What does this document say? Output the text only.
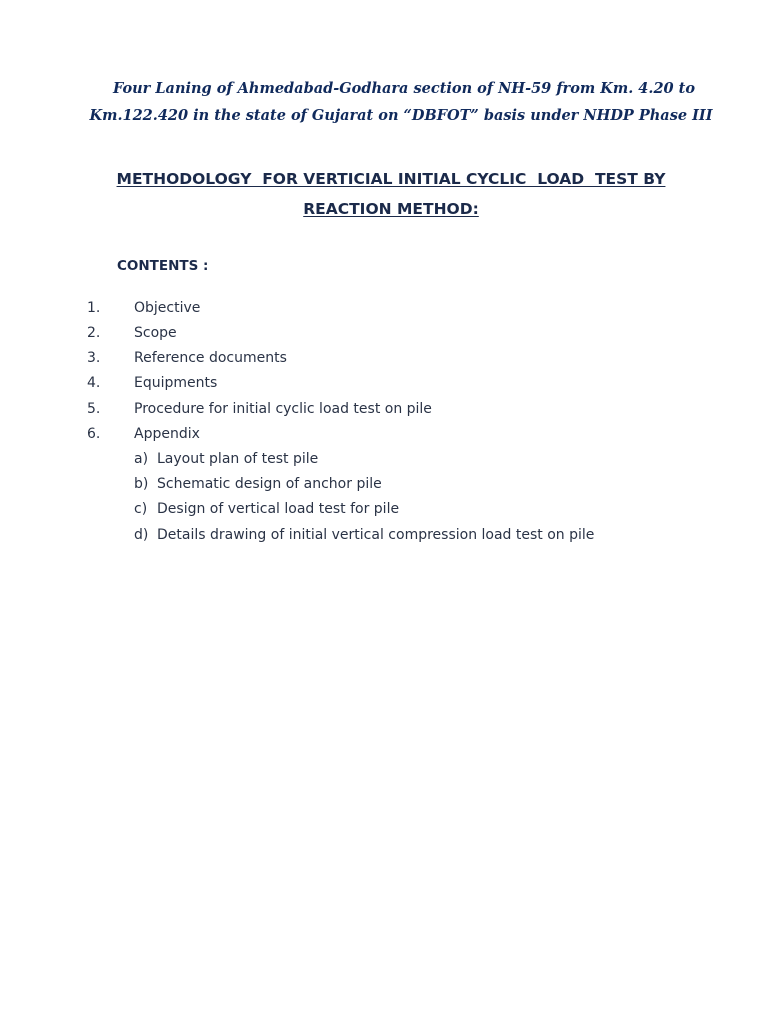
Four Laning of Ahmedabad-Godhara section of NH-59 from Km. 4.20 to
Km.122.420 in the state of Gujarat on “DBFOT” basis under NHDP Phase III
METHODOLOGY  FOR VERTICIAL INITIAL CYCLIC  LOAD  TEST BY
REACTION METHOD:
CONTENTS :
1. Objective
2. Scope
3. Reference documents
4. Equipments
5. Procedure for initial cyclic load test on pile
6. Appendix
a) Layout plan of test pile
b) Schematic design of anchor pile
c) Design of vertical load test for pile
d) Details drawing of initial vertical compression load test on pile
